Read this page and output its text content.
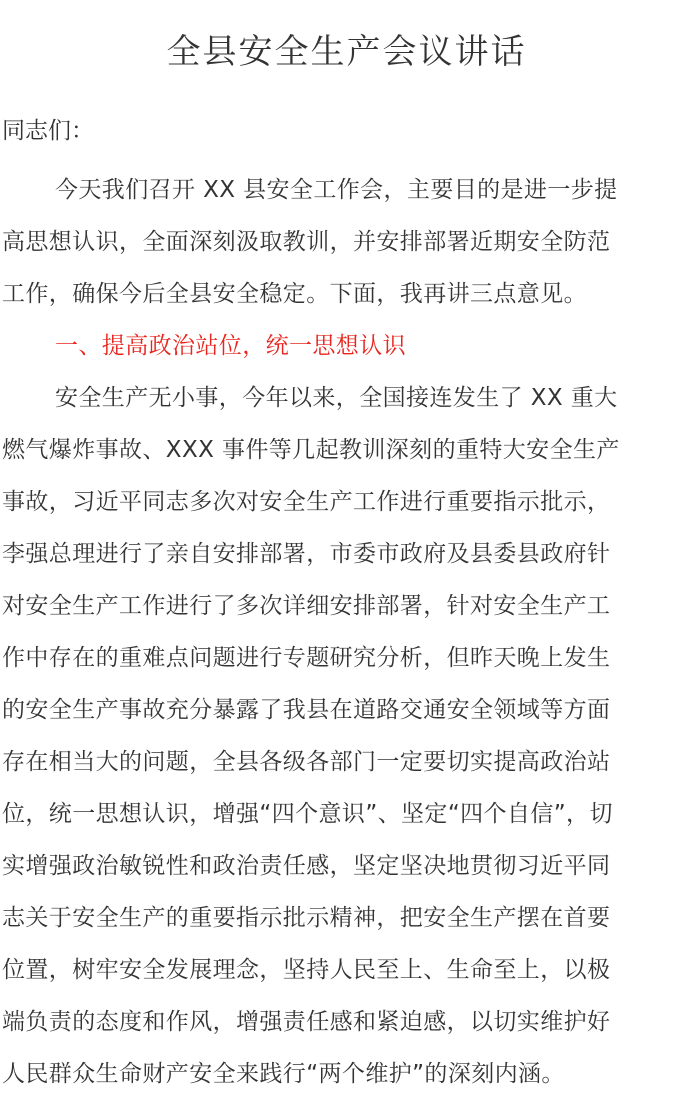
全县安全生产会议讲话
同志们：
今天我们召开 XX 县安全工作会，主要目的是进一步提
高思想认识，全面深刻汲取教训，并安排部署近期安全防范
工作，确保今后全县安全稳定。下面，我再讲三点意见。
一、提高政治站位，统一思想认识
安全生产无小事，今年以来，全国接连发生了 XX 重大
燃气爆炸事故、XXX 事件等几起教训深刻的重特大安全生产
事故，习近平同志多次对安全生产工作进行重要指示批示，
李强总理进行了亲自安排部署，市委市政府及县委县政府针
对安全生产工作进行了多次详细安排部署，针对安全生产工
作中存在的重难点问题进行专题研究分析，但昨天晚上发生
的安全生产事故充分暴露了我县在道路交通安全领域等方面
存在相当大的问题，全县各级各部门一定要切实提高政治站
位，统一思想认识，增强“四个意识”、坚定“四个自信”，切
实增强政治敏锐性和政治责任感，坚定坚决地贯彻习近平同
志关于安全生产的重要指示批示精神，把安全生产摆在首要
位置，树牢安全发展理念，坚持人民至上、生命至上，以极
端负责的态度和作风，增强责任感和紧迫感，以切实维护好
人民群众生命财产安全来践行“两个维护”的深刻内涵。
